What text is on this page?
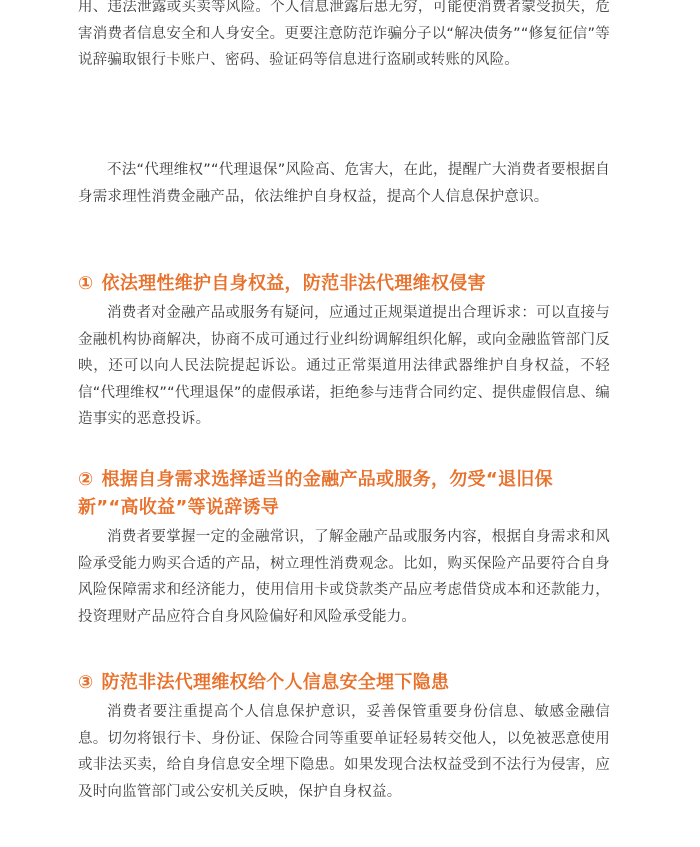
用、违法泄露或买卖等风险。个人信息泄露后患无穷，可能使消费者蒙受损失，危害消费者信息安全和人身安全。更要注意防范诈骗分子以“解决债务”“修复征信”等说辞骗取银行卡账户、密码、验证码等信息进行盗刷或转账的风险。

不法“代理维权”“代理退保”风险高、危害大，在此，提醒广大消费者要根据自身需求理性消费金融产品，依法维护自身权益，提高个人信息保护意识。

① 依法理性维护自身权益，防范非法代理维权侵害

消费者对金融产品或服务有疑问，应通过正规渠道提出合理诉求：可以直接与金融机构协商解决，协商不成可通过行业纠纷调解组织化解，或向金融监管部门反映，还可以向人民法院提起诉讼。通过正常渠道用法律武器维护自身权益，不轻信“代理维权”“代理退保”的虚假承诺，拒绝参与违背合同约定、提供虚假信息、编造事实的恶意投诉。

② 根据自身需求选择适当的金融产品或服务，勿受“退旧保新”“高收益”等说辞诱导

消费者要掌握一定的金融常识，了解金融产品或服务内容，根据自身需求和风险承受能力购买合适的产品，树立理性消费观念。比如，购买保险产品要符合自身风险保障需求和经济能力，使用信用卡或贷款类产品应考虑借贷成本和还款能力，投资理财产品应符合自身风险偏好和风险承受能力。

③ 防范非法代理维权给个人信息安全埋下隐患

消费者要注重提高个人信息保护意识，妥善保管重要身份信息、敏感金融信息。切勿将银行卡、身份证、保险合同等重要单证轻易转交他人，以免被恶意使用或非法买卖，给自身信息安全埋下隐患。如果发现合法权益受到不法行为侵害，应及时向监管部门或公安机关反映，保护自身权益。
